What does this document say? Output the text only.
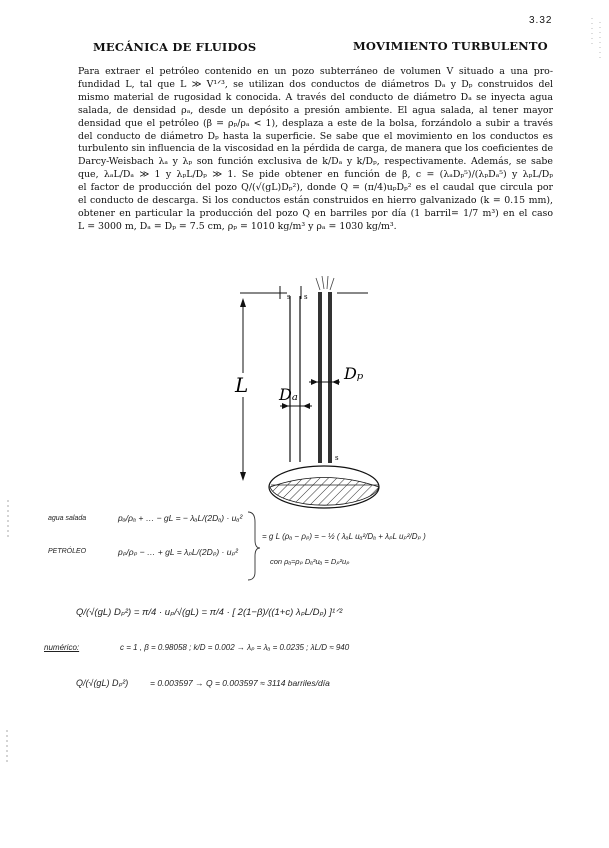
3.32
MECÁNICA DE FLUIDOS	MOVIMIENTO TURBULENTO
Para extraer el petróleo contenido en un pozo subterráneo de volumen V situado a una pro-
fundidad L, tal que L ≫ V¹ᐟ³, se utilizan dos conductos de diámetros Dₐ y Dₚ construidos del
mismo material de rugosidad k conocida. A través del conducto de diámetro Dₐ se inyecta agua
salada, de densidad ρₐ, desde un depósito a presión ambiente. El agua salada, al tener mayor
densidad que el petróleo (β = ρₚ/ρₐ < 1), desplaza a este de la bolsa, forzándolo a subir a través
del conducto de diámetro Dₚ hasta la superficie. Se sabe que el movimiento en los conductos es
turbulento sin influencia de la viscosidad en la pérdida de carga, de manera que los coeficientes de
Darcy-Weisbach λₐ y λₚ son función exclusiva de k/Dₐ y k/Dₚ, respectivamente. Además, se sabe
que, λₐL/Dₐ ≫ 1 y λₚL/Dₚ ≫ 1. Se pide obtener en función de β, c = (λₐDₚ⁵)/(λₚDₐ⁵) y λₚL/Dₚ
el factor de producción del pozo Q/(√(gL)Dₚ²), donde Q = (π/4)uₚDₚ² es el caudal que circula por
el conducto de descarga. Si los conductos están construidos en hierro galvanizado (k = 0.15 mm),
obtener en particular la producción del pozo Q en barriles por día (1 barril= 1/7 m³) en el caso
L = 3000 m, Dₐ = Dₚ = 7.5 cm, ρₚ = 1010 kg/m³ y ρₐ = 1030 kg/m³.
L	Dₚ
Dₐ
s
s
s
agua salada	pₐ/ρₐ + … − gL = − λₐL/(2Dₐ) · uₐ²
PETRÓLEO	pₚ/ρₚ − … + gL = λₚL/(2Dₚ) · uₚ²
= g L (ρₐ − ρₚ) = − ½ ( λₐL uₐ²/Dₐ + λₚL uₚ²/Dₚ )
con ρₐ≈ρₚ Dₐ²uₐ = Dₚ²uₚ
Q/(√(gL) Dₚ²) = π/4 · uₚ/√(gL) = π/4 · [ 2(1−β)/((1+c) λₚL/Dₚ) ]¹ᐟ²
numérico:	c = 1 , β = 0.98058 ; k/D = 0.002 → λₚ = λₐ = 0.0235 ; λL/D ≈ 940
Q/(√(gL) Dₚ²)	= 0.003597 → Q = 0.003597 ≈ 3114 barriles/día
